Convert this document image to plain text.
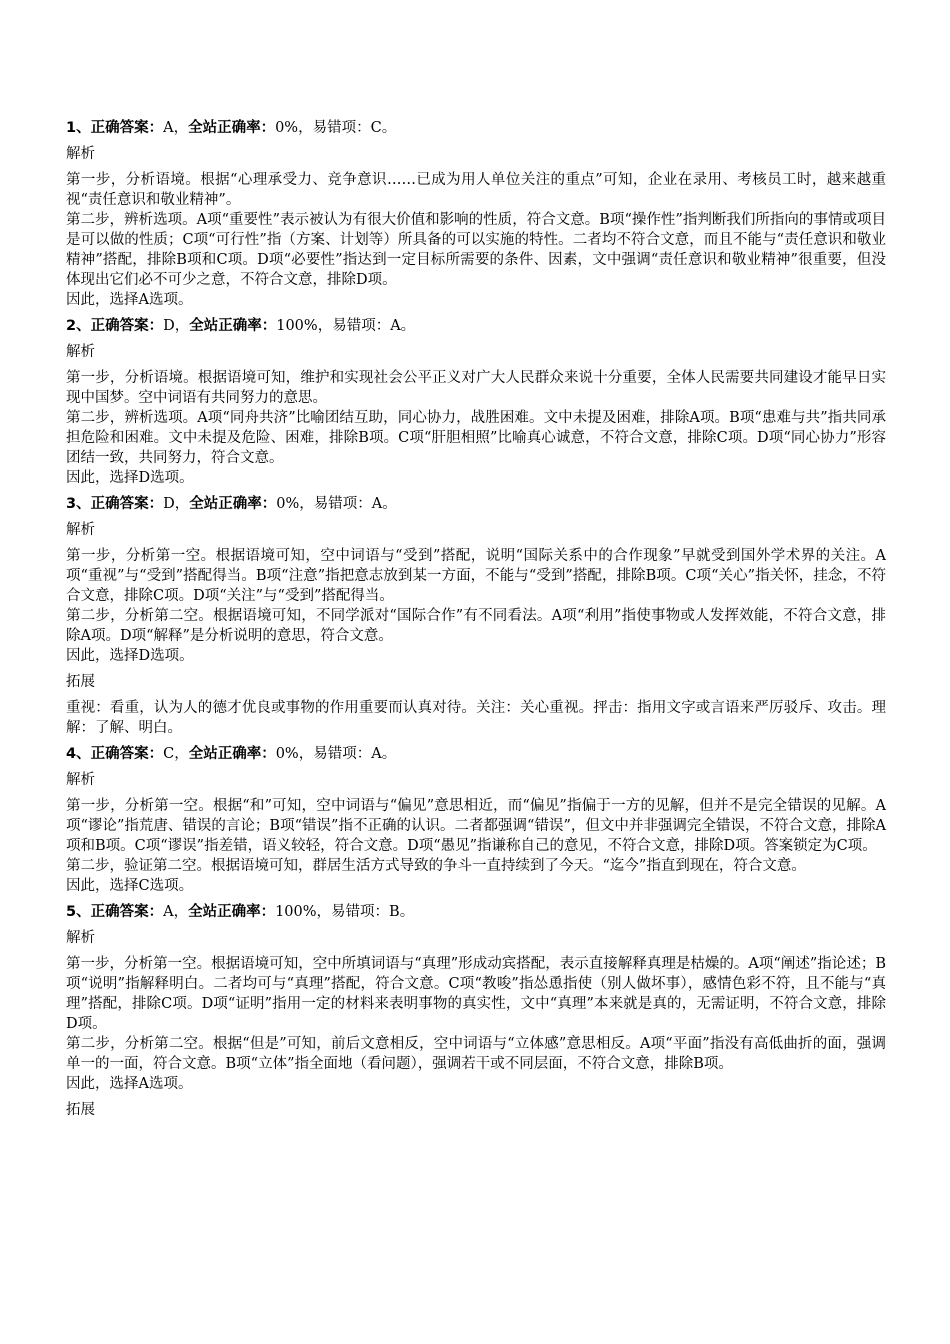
1、正确答案：A，全站正确率：0%，易错项：C。
解析

第一步，分析语境。根据“心理承受力、竞争意识……已成为用人单位关注的重点”可知，企业在录用、考核员工时，越来越重视“责任意识和敬业精神”。

第二步，辨析选项。A项“重要性”表示被认为有很大价值和影响的性质，符合文意。B项“操作性”指判断我们所指向的事情或项目是可以做的性质；C项“可行性”指（方案、计划等）所具备的可以实施的特性。二者均不符合文意，而且不能与“责任意识和敬业精神”搭配，排除B项和C项。D项“必要性”指达到一定目标所需要的条件、因素，文中强调“责任意识和敬业精神”很重要，但没体现出它们必不可少之意，不符合文意，排除D项。

因此，选择A选项。

2、正确答案：D，全站正确率：100%，易错项：A。
解析

第一步，分析语境。根据语境可知，维护和实现社会公平正义对广大人民群众来说十分重要，全体人民需要共同建设才能早日实现中国梦。空中词语有共同努力的意思。

第二步，辨析选项。A项“同舟共济”比喻团结互助，同心协力，战胜困难。文中未提及困难，排除A项。B项“患难与共”指共同承担危险和困难。文中未提及危险、困难，排除B项。C项“肝胆相照”比喻真心诚意，不符合文意，排除C项。D项“同心协力”形容团结一致，共同努力，符合文意。

因此，选择D选项。

3、正确答案：D，全站正确率：0%，易错项：A。
解析

第一步，分析第一空。根据语境可知，空中词语与“受到”搭配，说明“国际关系中的合作现象”早就受到国外学术界的关注。A项“重视”与“受到”搭配得当。B项“注意”指把意志放到某一方面，不能与“受到”搭配，排除B项。C项“关心”指关怀，挂念，不符合文意，排除C项。D项“关注”与“受到”搭配得当。

第二步，分析第二空。根据语境可知，不同学派对“国际合作”有不同看法。A项“利用”指使事物或人发挥效能，不符合文意，排除A项。D项“解释”是分析说明的意思，符合文意。

因此，选择D选项。

拓展

重视：看重，认为人的德才优良或事物的作用重要而认真对待。关注：关心重视。抨击：指用文字或言语来严厉驳斥、攻击。理解：了解、明白。

4、正确答案：C，全站正确率：0%，易错项：A。
解析

第一步，分析第一空。根据“和”可知，空中词语与“偏见”意思相近，而“偏见”指偏于一方的见解，但并不是完全错误的见解。A项“谬论”指荒唐、错误的言论；B项“错误”指不正确的认识。二者都强调“错误”，但文中并非强调完全错误，不符合文意，排除A项和B项。C项“谬误”指差错，语义较轻，符合文意。D项“愚见”指谦称自己的意见，不符合文意，排除D项。答案锁定为C项。

第二步，验证第二空。根据语境可知，群居生活方式导致的争斗一直持续到了今天。“迄今”指直到现在，符合文意。

因此，选择C选项。

5、正确答案：A，全站正确率：100%，易错项：B。
解析

第一步，分析第一空。根据语境可知，空中所填词语与“真理”形成动宾搭配，表示直接解释真理是枯燥的。A项“阐述”指论述；B项“说明”指解释明白。二者均可与“真理”搭配，符合文意。C项“教唆”指怂恿指使（别人做坏事），感情色彩不符，且不能与“真理”搭配，排除C项。D项“证明”指用一定的材料来表明事物的真实性，文中“真理”本来就是真的，无需证明，不符合文意，排除D项。

第二步，分析第二空。根据“但是”可知，前后文意相反，空中词语与“立体感”意思相反。A项“平面”指没有高低曲折的面，强调单一的一面，符合文意。B项“立体”指全面地（看问题），强调若干或不同层面，不符合文意，排除B项。

因此，选择A选项。

拓展
